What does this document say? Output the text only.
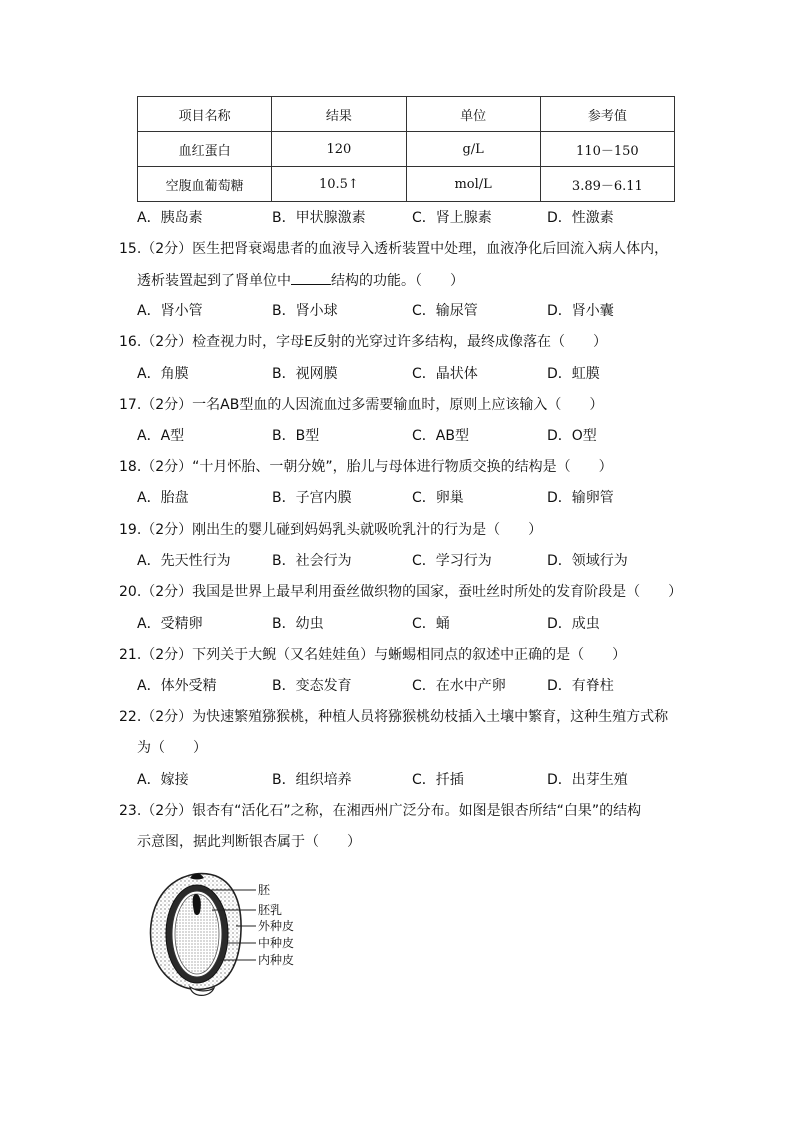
项目名称	结果	单位	参考值
血红蛋白	120	g/L	110－150
空腹血葡萄糖	10.5↑	mol/L	3.89－6.11
A．胰岛素	B．甲状腺激素	C．肾上腺素	D．性激素
15.（2分）医生把肾衰竭患者的血液导入透析装置中处理，血液净化后回流入病人体内，
透析装置起到了肾单位中	结构的功能。（　　）
A．肾小管	B．肾小球	C．输尿管	D．肾小囊
16.（2分）检查视力时，字母E反射的光穿过许多结构，最终成像落在（　　）
A．角膜	B．视网膜	C．晶状体	D．虹膜
17.（2分）一名AB型血的人因流血过多需要输血时，原则上应该输入（　　）
A．A型	B．B型	C．AB型	D．O型
18.（2分）“十月怀胎、一朝分娩”，胎儿与母体进行物质交换的结构是（　　）
A．胎盘	B．子宫内膜	C．卵巢	D．输卵管
19.（2分）刚出生的婴儿碰到妈妈乳头就吸吮乳汁的行为是（　　）
A．先天性行为	B．社会行为	C．学习行为	D．领域行为
20.（2分）我国是世界上最早利用蚕丝做织物的国家，蚕吐丝时所处的发育阶段是（　　）
A．受精卵	B．幼虫	C．蛹	D．成虫
21.（2分）下列关于大鲵（又名娃娃鱼）与蜥蜴相同点的叙述中正确的是（　　）
A．体外受精	B．变态发育	C．在水中产卵	D．有脊柱
22.（2分）为快速繁殖猕猴桃，种植人员将猕猴桃幼枝插入土壤中繁育，这种生殖方式称
为（　　）
A．嫁接	B．组织培养	C．扦插	D．出芽生殖
23.（2分）银杏有“活化石”之称，在湘西州广泛分布。如图是银杏所结“白果”的结构
示意图，据此判断银杏属于（　　）
胚
胚乳
外种皮
中种皮
内种皮
